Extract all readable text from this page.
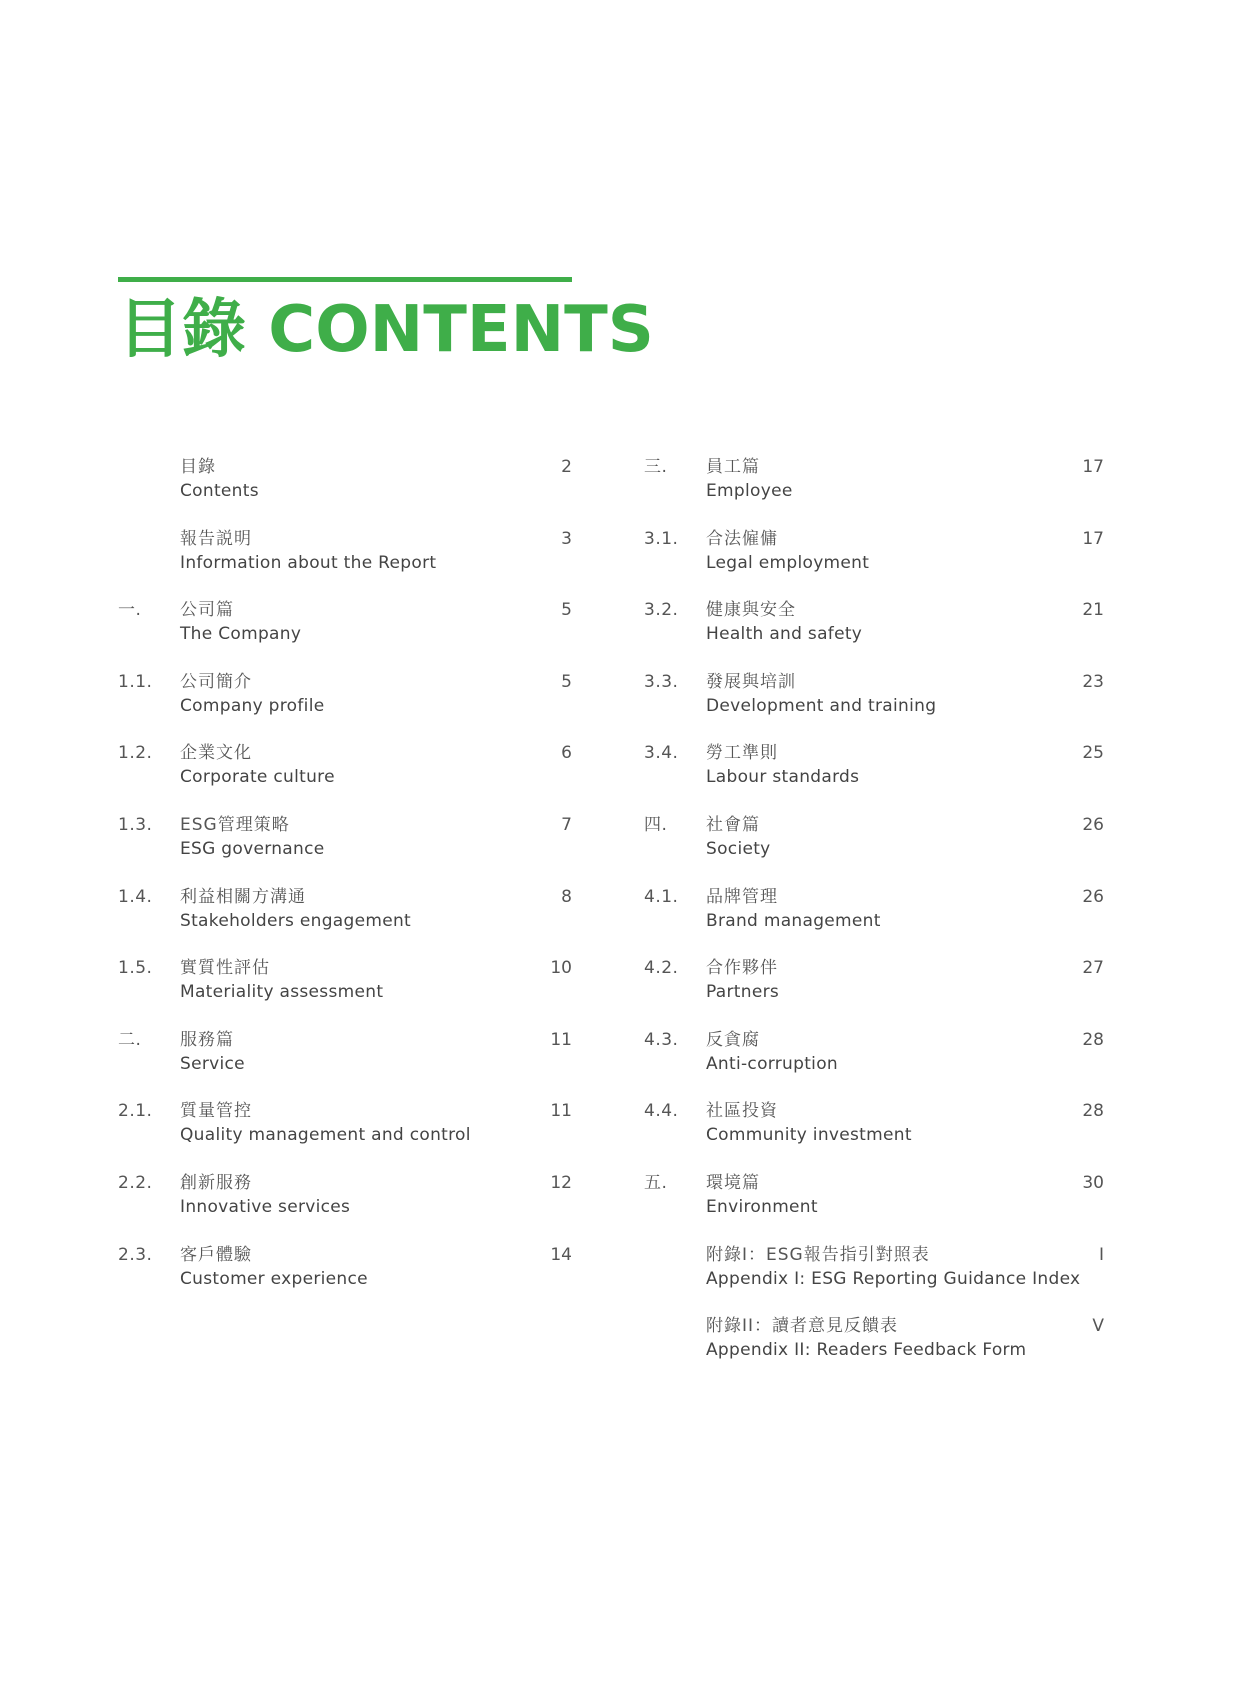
目錄 CONTENTS
目錄
Contents
2
報告説明
Information about the Report
3
一. 公司篇
The Company
5
1.1. 公司簡介
Company profile
5
1.2. 企業文化
Corporate culture
6
1.3. ESG管理策略
ESG governance
7
1.4. 利益相關方溝通
Stakeholders engagement
8
1.5. 實質性評估
Materiality assessment
10
二. 服務篇
Service
11
2.1. 質量管控
Quality management and control
11
2.2. 創新服務
Innovative services
12
2.3. 客戶體驗
Customer experience
14
三. 員工篇
Employee
17
3.1. 合法僱傭
Legal employment
17
3.2. 健康與安全
Health and safety
21
3.3. 發展與培訓
Development and training
23
3.4. 勞工準則
Labour standards
25
四. 社會篇
Society
26
4.1. 品牌管理
Brand management
26
4.2. 合作夥伴
Partners
27
4.3. 反貪腐
Anti-corruption
28
4.4. 社區投資
Community investment
28
五. 環境篇
Environment
30
附錄I：ESG報告指引對照表
Appendix I: ESG Reporting Guidance Index
I
附錄II：讀者意見反饋表
Appendix II: Readers Feedback Form
V
